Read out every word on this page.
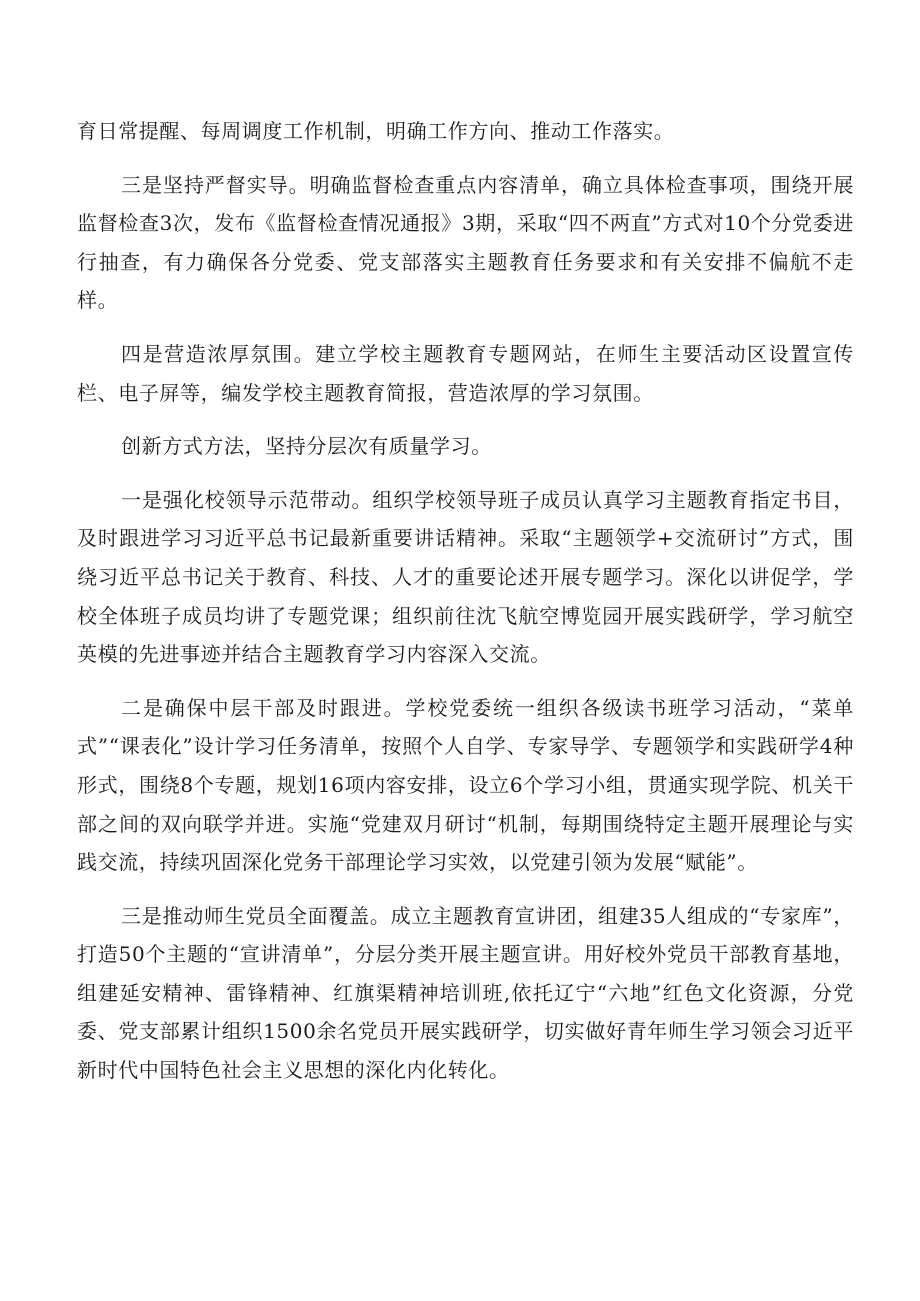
育日常提醒、每周调度工作机制，明确工作方向、推动工作落实。

三是坚持严督实导。明确监督检查重点内容清单，确立具体检查事项，围绕开展监督检查3次，发布《监督检查情况通报》3期，采取“四不两直”方式对10个分党委进行抽查，有力确保各分党委、党支部落实主题教育任务要求和有关安排不偏航不走样。

四是营造浓厚氛围。建立学校主题教育专题网站，在师生主要活动区设置宣传栏、电子屏等，编发学校主题教育简报，营造浓厚的学习氛围。

创新方式方法，坚持分层次有质量学习。

一是强化校领导示范带动。组织学校领导班子成员认真学习主题教育指定书目，及时跟进学习习近平总书记最新重要讲话精神。采取“主题领学+交流研讨”方式，围绕习近平总书记关于教育、科技、人才的重要论述开展专题学习。深化以讲促学，学校全体班子成员均讲了专题党课；组织前往沈飞航空博览园开展实践研学，学习航空英模的先进事迹并结合主题教育学习内容深入交流。

二是确保中层干部及时跟进。学校党委统一组织各级读书班学习活动，“菜单式”“课表化”设计学习任务清单，按照个人自学、专家导学、专题领学和实践研学4种形式，围绕8个专题，规划16项内容安排，设立6个学习小组，贯通实现学院、机关干部之间的双向联学并进。实施“党建双月研讨“机制，每期围绕特定主题开展理论与实践交流，持续巩固深化党务干部理论学习实效，以党建引领为发展“赋能”。

三是推动师生党员全面覆盖。成立主题教育宣讲团，组建35人组成的“专家库”，打造50个主题的“宣讲清单”，分层分类开展主题宣讲。用好校外党员干部教育基地，组建延安精神、雷锋精神、红旗渠精神培训班,依托辽宁“六地”红色文化资源，分党委、党支部累计组织1500余名党员开展实践研学，切实做好青年师生学习领会习近平新时代中国特色社会主义思想的深化内化转化。
